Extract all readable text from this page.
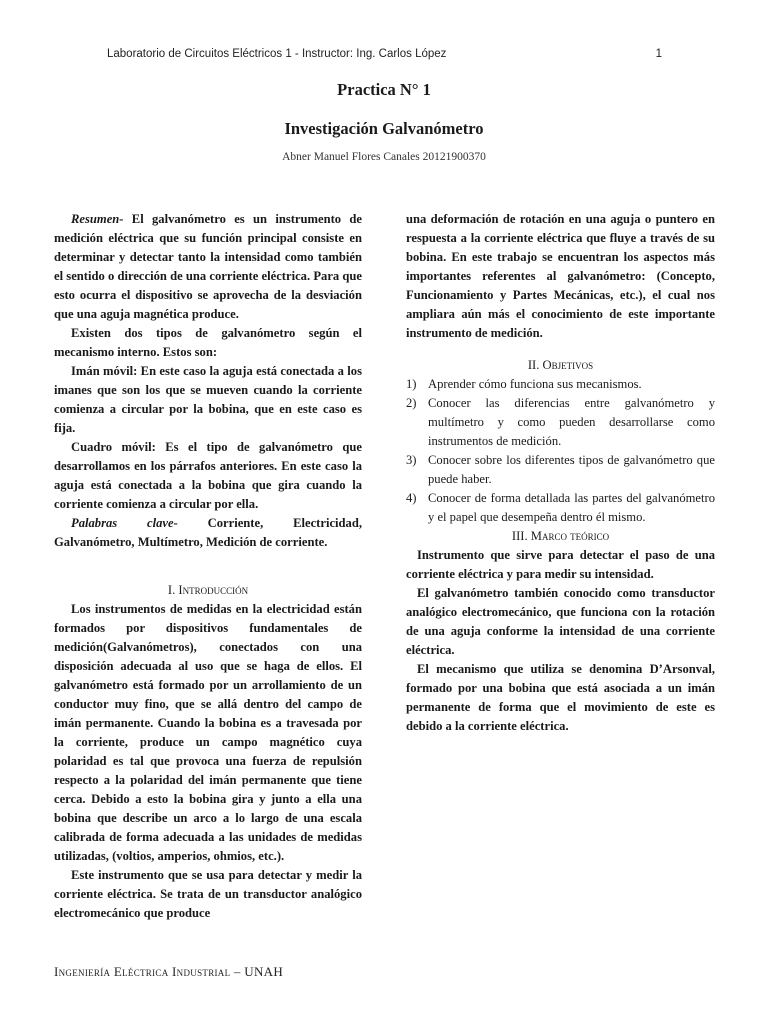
Laboratorio de Circuitos Eléctricos 1 - Instructor: Ing. Carlos López	1
Practica N° 1
Investigación Galvanómetro
Abner Manuel Flores Canales 20121900370

Resumen- El galvanómetro es un instrumento de medición eléctrica que su función principal consiste en determinar y detectar tanto la intensidad como también el sentido o dirección de una corriente eléctrica. Para que esto ocurra el dispositivo se aprovecha de la desviación que una aguja magnética produce.

Existen dos tipos de galvanómetro según el mecanismo interno. Estos son:

Imán móvil: En este caso la aguja está conectada a los imanes que son los que se mueven cuando la corriente comienza a circular por la bobina, que en este caso es fija.

Cuadro móvil: Es el tipo de galvanómetro que desarrollamos en los párrafos anteriores. En este caso la aguja está conectada a la bobina que gira cuando la corriente comienza a circular por ella.

Palabras clave- Corriente, Electricidad, Galvanómetro, Multímetro, Medición de corriente.

I. Introducción

Los instrumentos de medidas en la electricidad están formados por dispositivos fundamentales de medición(Galvanómetros), conectados con una disposición adecuada al uso que se haga de ellos. El galvanómetro está formado por un arrollamiento de un conductor muy fino, que se allá dentro del campo de imán permanente. Cuando la bobina es a travesada por la corriente, produce un campo magnético cuya polaridad es tal que provoca una fuerza de repulsión respecto a la polaridad del imán permanente que tiene cerca. Debido a esto la bobina gira y junto a ella una bobina que describe un arco a lo largo de una escala calibrada de forma adecuada a las unidades de medidas utilizadas, (voltios, amperios, ohmios, etc.).

Este instrumento que se usa para detectar y medir la corriente eléctrica. Se trata de un transductor analógico electromecánico que produce

una deformación de rotación en una aguja o puntero en respuesta a la corriente eléctrica que fluye a través de su bobina. En este trabajo se encuentran los aspectos más importantes referentes al galvanómetro: (Concepto, Funcionamiento y Partes Mecánicas, etc.), el cual nos ampliara aún más el conocimiento de este importante instrumento de medición.

II. Objetivos

1) Aprender cómo funciona sus mecanismos.
2) Conocer las diferencias entre galvanómetro y multímetro y como pueden desarrollarse como instrumentos de medición.
3) Conocer sobre los diferentes tipos de galvanómetro que puede haber.
4) Conocer de forma detallada las partes del galvanómetro y el papel que desempeña dentro él mismo.

III. Marco teórico

Instrumento que sirve para detectar el paso de una corriente eléctrica y para medir su intensidad.

El galvanómetro también conocido como transductor analógico electromecánico, que funciona con la rotación de una aguja conforme la intensidad de una corriente eléctrica.

El mecanismo que utiliza se denomina D’Arsonval, formado por una bobina que está asociada a un imán permanente de forma que el movimiento de este es debido a la corriente eléctrica.

Ingeniería Eléctrica Industrial – UNAH
